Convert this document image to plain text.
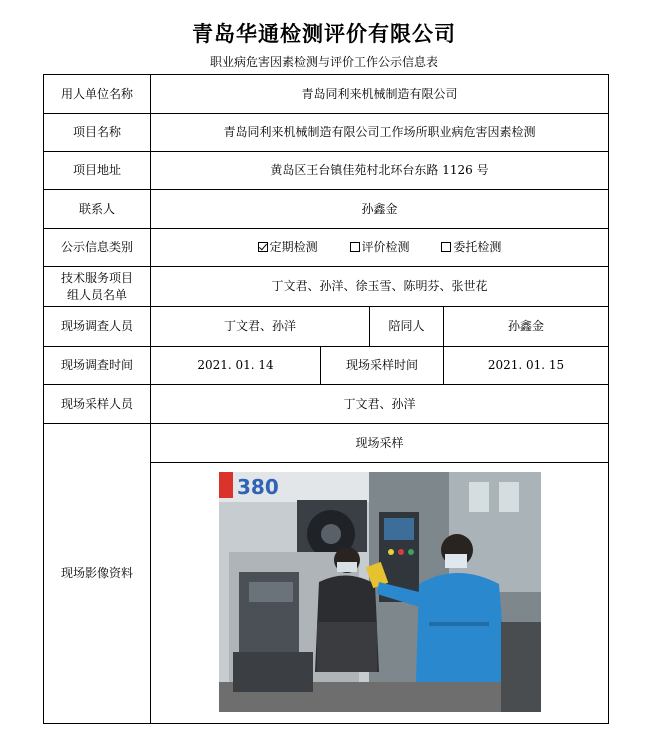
青岛华通检测评价有限公司
职业病危害因素检测与评价工作公示信息表
用人单位名称	青岛同利来机械制造有限公司			
项目名称	青岛同利来机械制造有限公司工作场所职业病危害因素检测			
项目地址	黄岛区王台镇佳苑村北环台东路 1126 号			
联系人	孙鑫金			
公示信息类别	定期检测 评价检测 委托检测			

技术服务项目
组人员名单	丁文君、孙洋、徐玉雪、陈明芬、张世花			
现场调查人员	丁文君、孙洋		陪同人	孙鑫金
现场调查时间	2021. 01. 14	现场采样时间		2021. 01. 15
现场采样人员	丁文君、孙洋			
现场影像资料	现场采样
380			
